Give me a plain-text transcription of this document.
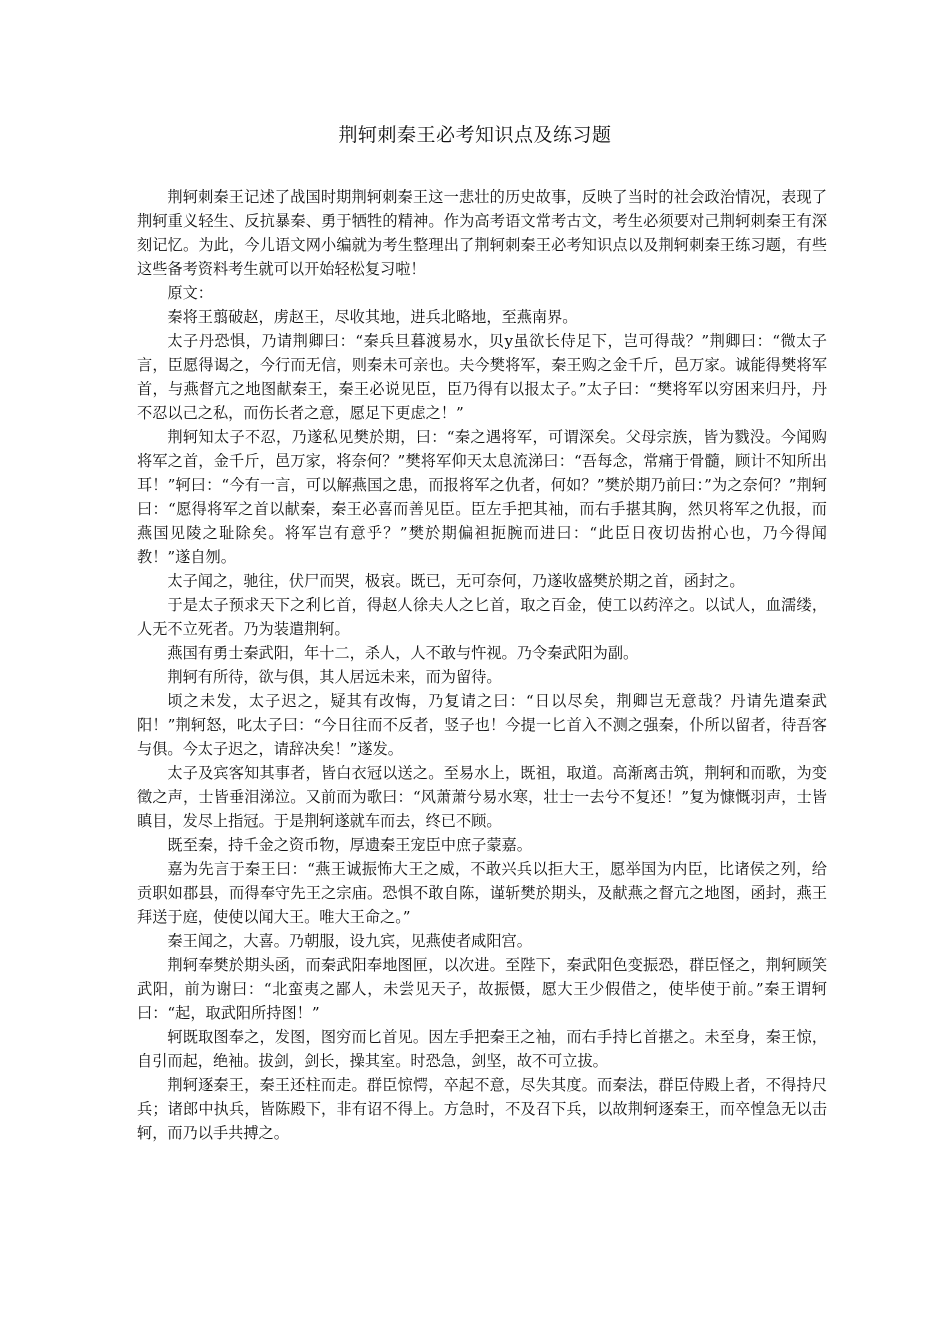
荆轲刺秦王必考知识点及练习题

荆轲刺秦王记述了战国时期荆轲刺秦王这一悲壮的历史故事，反映了当时的社会政治情况，表现了荆轲重义轻生、反抗暴秦、勇于牺牲的精神。作为高考语文常考古文，考生必须要对己荆轲刺秦王有深刻记忆。为此，今儿语文网小编就为考生整理出了荆轲刺秦王必考知识点以及荆轲刺秦王练习题，有些这些备考资料考生就可以开始轻松复习啦！

原文：

秦将王翦破赵，虏赵王，尽收其地，进兵北略地，至燕南界。

太子丹恐惧，乃请荆卿曰：“秦兵旦暮渡易水，贝y虽欲长侍足下，岂可得哉？”荆卿曰：“微太子言，臣愿得谒之，今行而无信，则秦未可亲也。夫今樊将军，秦王购之金千斤，邑万家。诚能得樊将军首，与燕督亢之地图献秦王，秦王必说见臣，臣乃得有以报太子。”太子曰：“樊将军以穷困来归丹，丹不忍以己之私，而伤长者之意，愿足下更虑之！”

荆轲知太子不忍，乃遂私见樊於期，曰：“秦之遇将军，可谓深矣。父母宗族，皆为戮没。今闻购将军之首，金千斤，邑万家，将奈何？”樊将军仰天太息流涕曰：“吾每念，常痛于骨髓，顾计不知所出耳！”轲曰：“今有一言，可以解燕国之患，而报将军之仇者，何如？”樊於期乃前曰：”为之奈何？”荆轲曰：“愿得将军之首以献秦，秦王必喜而善见臣。臣左手把其袖，而右手揕其胸，然贝将军之仇报，而燕国见陵之耻除矣。将军岂有意乎？”樊於期偏袒扼腕而进曰：“此臣日夜切齿拊心也，乃今得闻教！”遂自刎。

太子闻之，驰往，伏尸而哭，极哀。既已，无可奈何，乃遂收盛樊於期之首，函封之。

于是太子预求天下之利匕首，得赵人徐夫人之匕首，取之百金，使工以药淬之。以试人，血濡缕，人无不立死者。乃为装遣荆轲。

燕国有勇士秦武阳，年十二，杀人，人不敢与忤视。乃令秦武阳为副。

荆轲有所待，欲与俱，其人居远未来，而为留待。

顷之未发，太子迟之，疑其有改悔，乃复请之曰：“日以尽矣，荆卿岂无意哉？丹请先遣秦武阳！”荆轲怒，叱太子曰：“今日往而不反者，竖子也！今提一匕首入不测之强秦，仆所以留者，待吾客与俱。今太子迟之，请辞决矣！”遂发。

太子及宾客知其事者，皆白衣冠以送之。至易水上，既祖，取道。高渐离击筑，荆轲和而歌，为变徵之声，士皆垂泪涕泣。又前而为歌曰：“风萧萧兮易水寒，壮士一去兮不复还！”复为慷慨羽声，士皆瞋目，发尽上指冠。于是荆轲遂就车而去，终已不顾。

既至秦，持千金之资币物，厚遗秦王宠臣中庶子蒙嘉。

嘉为先言于秦王曰：“燕王诚振怖大王之威，不敢兴兵以拒大王，愿举国为内臣，比诸侯之列，给贡职如郡县，而得奉守先王之宗庙。恐惧不敢自陈，谨斩樊於期头，及献燕之督亢之地图，函封，燕王拜送于庭，使使以闻大王。唯大王命之。”

秦王闻之，大喜。乃朝服，设九宾，见燕使者咸阳宫。

荆轲奉樊於期头函，而秦武阳奉地图匣，以次进。至陛下，秦武阳色变振恐，群臣怪之，荆轲顾笑武阳，前为谢曰：“北蛮夷之鄙人，未尝见天子，故振慑，愿大王少假借之，使毕使于前。”秦王谓轲曰：“起，取武阳所持图！”

轲既取图奉之，发图，图穷而匕首见。因左手把秦王之袖，而右手持匕首揕之。未至身，秦王惊，自引而起，绝袖。拔剑，剑长，操其室。时恐急，剑坚，故不可立拔。

荆轲逐秦王，秦王还柱而走。群臣惊愕，卒起不意，尽失其度。而秦法，群臣侍殿上者，不得持尺兵；诸郎中执兵，皆陈殿下，非有诏不得上。方急时，不及召下兵，以故荆轲逐秦王，而卒惶急无以击轲，而乃以手共搏之。
